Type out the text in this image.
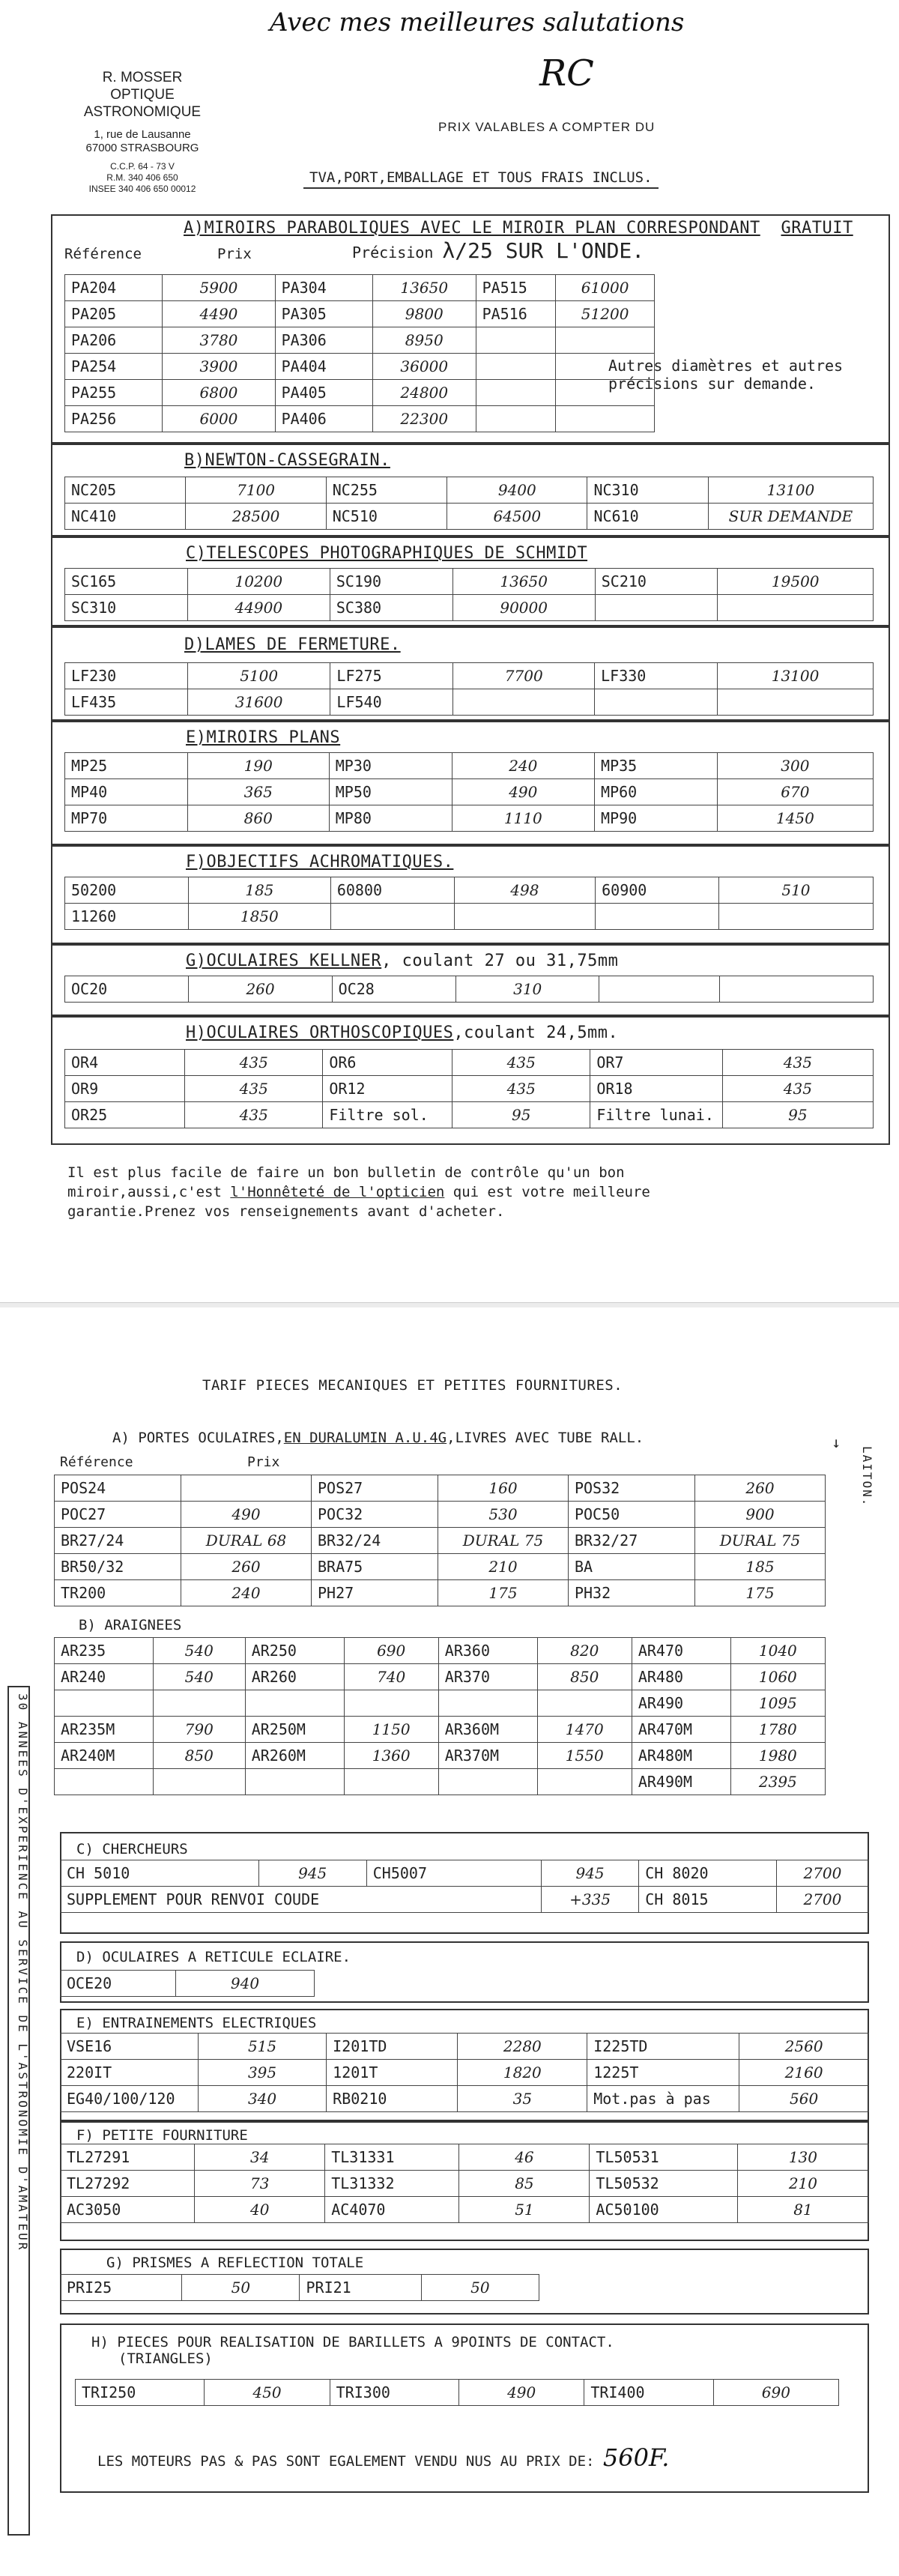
Avec mes meilleures salutations
RC
R. MOSSER
OPTIQUE ASTRONOMIQUE
1, rue de Lausanne
67000 STRASBOURG
C.C.P. 64 - 73 V
R.M. 340 406 650
INSEE 340 406 650 00012
PRIX VALABLES A COMPTER DU
TVA,PORT,EMBALLAGE ET TOUS FRAIS INCLUS.
Référence	Prix	Précision λ/25 SUR L'ONDE.
A)MIROIRS PARABOLIQUES AVEC LE MIROIR PLAN CORRESPONDANT GRATUIT
PA204	5900	PA304	13650	PA515	61000
PA205	4490	PA305	9800	PA516	51200
PA206	3780	PA306	8950		
PA254	3900	PA404	36000		
PA255	6800	PA405	24800		
PA256	6000	PA406	22300		
Autres diamètres et autres précisions sur demande.
B)NEWTON-CASSEGRAIN.
NC205	7100	NC255	9400	NC310	13100
NC410	28500	NC510	64500	NC610	SUR DEMANDE
C)TELESCOPES PHOTOGRAPHIQUES DE SCHMIDT
SC165	10200	SC190	13650	SC210	19500
SC310	44900	SC380	90000		
D)LAMES DE FERMETURE.
LF230	5100	LF275	7700	LF330	13100
LF435	31600	LF540			
E)MIROIRS PLANS
MP25	190	MP30	240	MP35	300
MP40	365	MP50	490	MP60	670
MP70	860	MP80	1110	MP90	1450
F)OBJECTIFS ACHROMATIQUES.
50200	185	60800	498	60900	510
11260	1850				
G)OCULAIRES KELLNER, coulant 27 ou 31,75mm
OC20	260	OC28	310		
H)OCULAIRES ORTHOSCOPIQUES,coulant 24,5mm.
OR4	435	OR6	435	OR7	435
OR9	435	OR12	435	OR18	435
OR25	435	Filtre sol.	95	Filtre lunai.	95
Il est plus facile de faire un bon bulletin de contrôle qu'un bon
miroir,aussi,c'est l'Honnêteté de l'opticien qui est votre meilleure
garantie.Prenez vos renseignements avant d'acheter.
TARIF PIECES MECANIQUES ET PETITES FOURNITURES.
A) PORTES OCULAIRES,EN DURALUMIN A.U.4G,LIVRES AVEC TUBE RALL.	↓
LAITON.
Référence	Prix
POS24		POS27	160	POS32	260
POC27	490	POC32	530	POC50	900
BR27/24	DURAL 68	BR32/24	DURAL 75	BR32/27	DURAL 75
BR50/32	260	BRA75	210	BA	185
TR200	240	PH27	175	PH32	175
B) ARAIGNEES
AR235	540	AR250	690	AR360	820	AR470	1040
AR240	540	AR260	740	AR370	850	AR480	1060
						AR490	1095
AR235M	790	AR250M	1150	AR360M	1470	AR470M	1780
AR240M	850	AR260M	1360	AR370M	1550	AR480M	1980
						AR490M	2395
C) CHERCHEURS
CH 5010	945	CH5007	945	CH 8020	2700
SUPPLEMENT POUR RENVOI COUDE			+335	CH 8015	2700
D) OCULAIRES A RETICULE ECLAIRE.
OCE20	940
E) ENTRAINEMENTS ELECTRIQUES
VSE16	515	I201TD	2280	I225TD	2560
220IT	395	1201T	1820	1225T	2160
EG40/100/120	340	RB0210	35	Mot.pas à pas	560
F) PETITE FOURNITURE
TL27291	34	TL31331	46	TL50531	130
TL27292	73	TL31332	85	TL50532	210
AC3050	40	AC4070	51	AC50100	81
G) PRISMES A REFLECTION TOTALE
PRI25	50	PRI21	50
H) PIECES POUR REALISATION DE BARILLETS A 9POINTS DE CONTACT.
(TRIANGLES)
TRI250	450	TRI300	490	TRI400	690
LES MOTEURS PAS & PAS SONT EGALEMENT VENDU NUS AU PRIX DE: 560F.
30 ANNEES D'EXPERIENCE AU SERVICE DE L'ASTRONOMIE D'AMATEUR
